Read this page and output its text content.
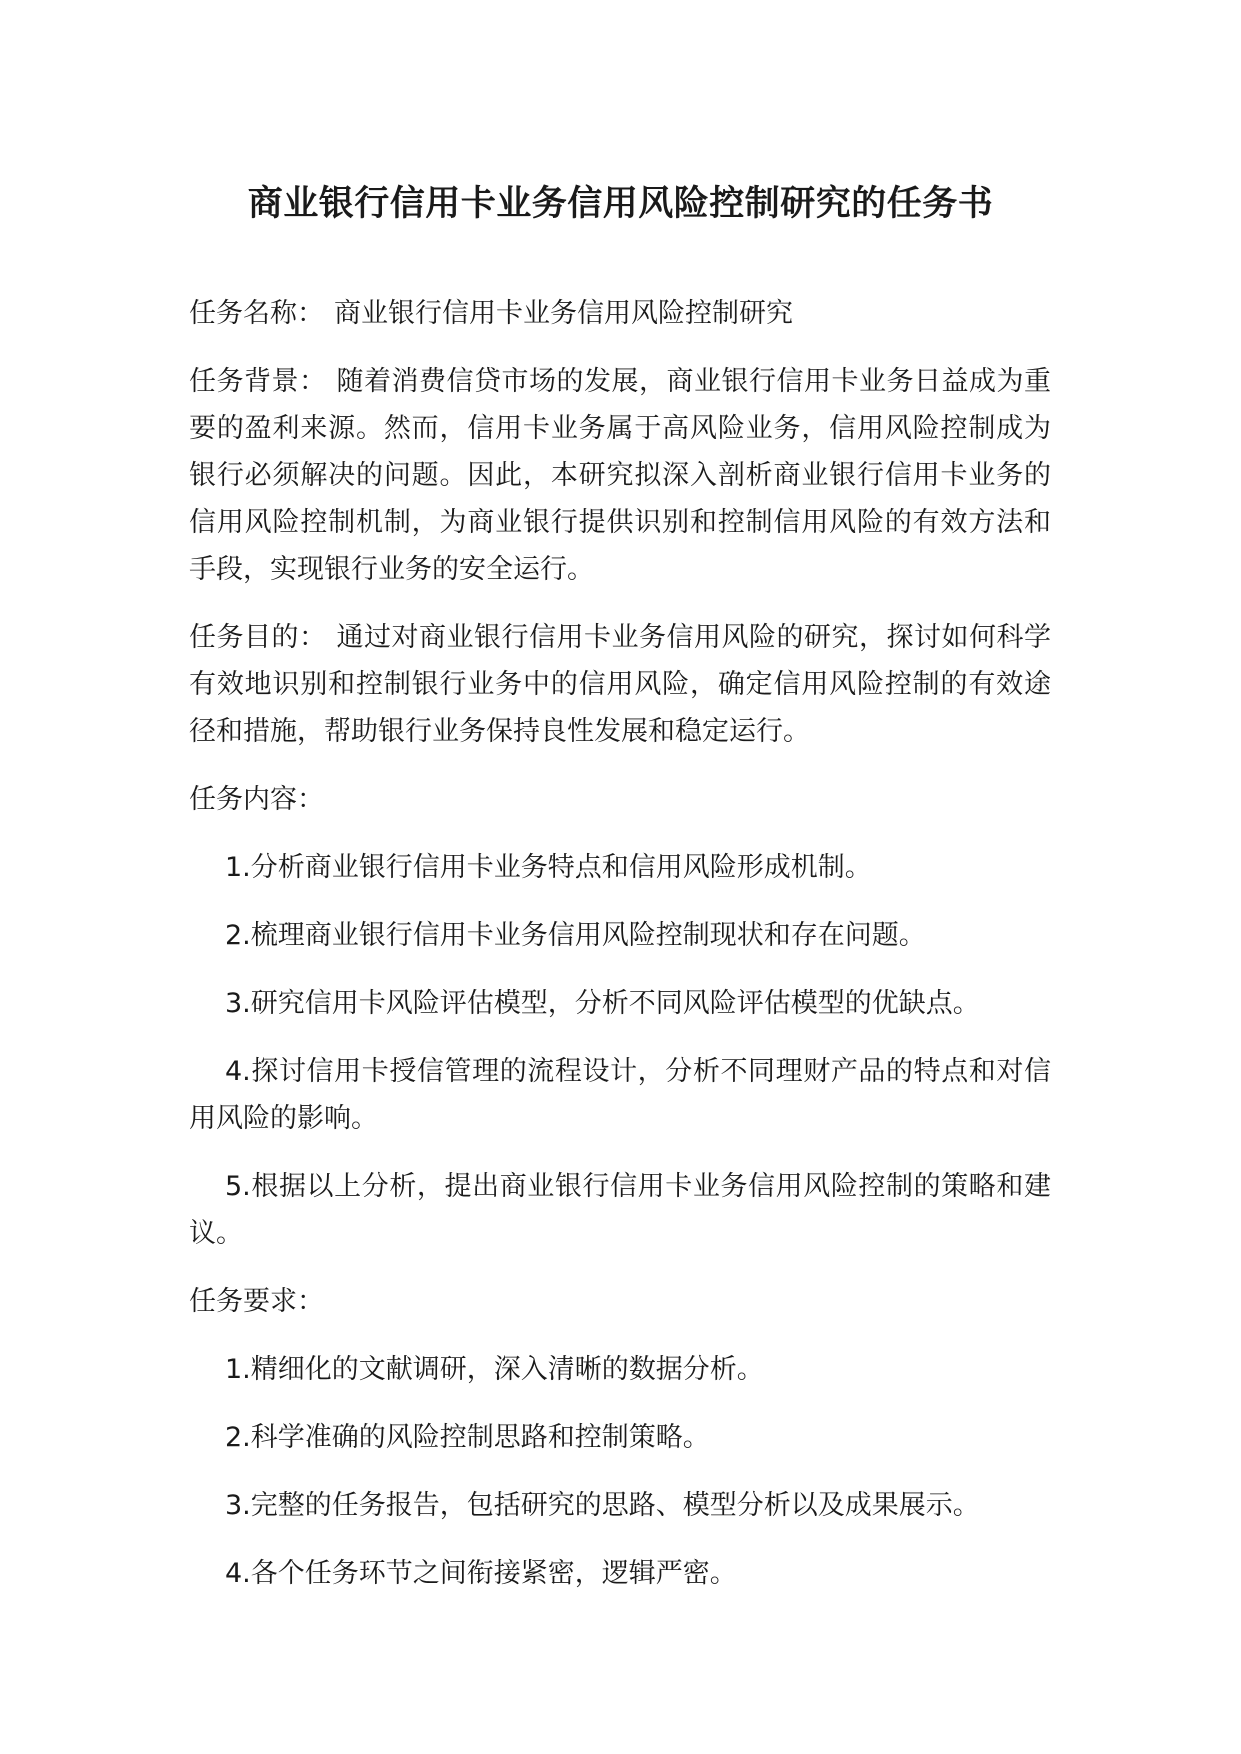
商业银行信用卡业务信用风险控制研究的任务书

任务名称： 商业银行信用卡业务信用风险控制研究

任务背景： 随着消费信贷市场的发展，商业银行信用卡业务日益成为重要的盈利来源。然而，信用卡业务属于高风险业务，信用风险控制成为银行必须解决的问题。因此，本研究拟深入剖析商业银行信用卡业务的信用风险控制机制，为商业银行提供识别和控制信用风险的有效方法和手段，实现银行业务的安全运行。

任务目的： 通过对商业银行信用卡业务信用风险的研究，探讨如何科学有效地识别和控制银行业务中的信用风险，确定信用风险控制的有效途径和措施，帮助银行业务保持良性发展和稳定运行。

任务内容：

1.分析商业银行信用卡业务特点和信用风险形成机制。

2.梳理商业银行信用卡业务信用风险控制现状和存在问题。

3.研究信用卡风险评估模型，分析不同风险评估模型的优缺点。

4.探讨信用卡授信管理的流程设计，分析不同理财产品的特点和对信用风险的影响。

5.根据以上分析，提出商业银行信用卡业务信用风险控制的策略和建议。

任务要求：

1.精细化的文献调研，深入清晰的数据分析。

2.科学准确的风险控制思路和控制策略。

3.完整的任务报告，包括研究的思路、模型分析以及成果展示。

4.各个任务环节之间衔接紧密，逻辑严密。
